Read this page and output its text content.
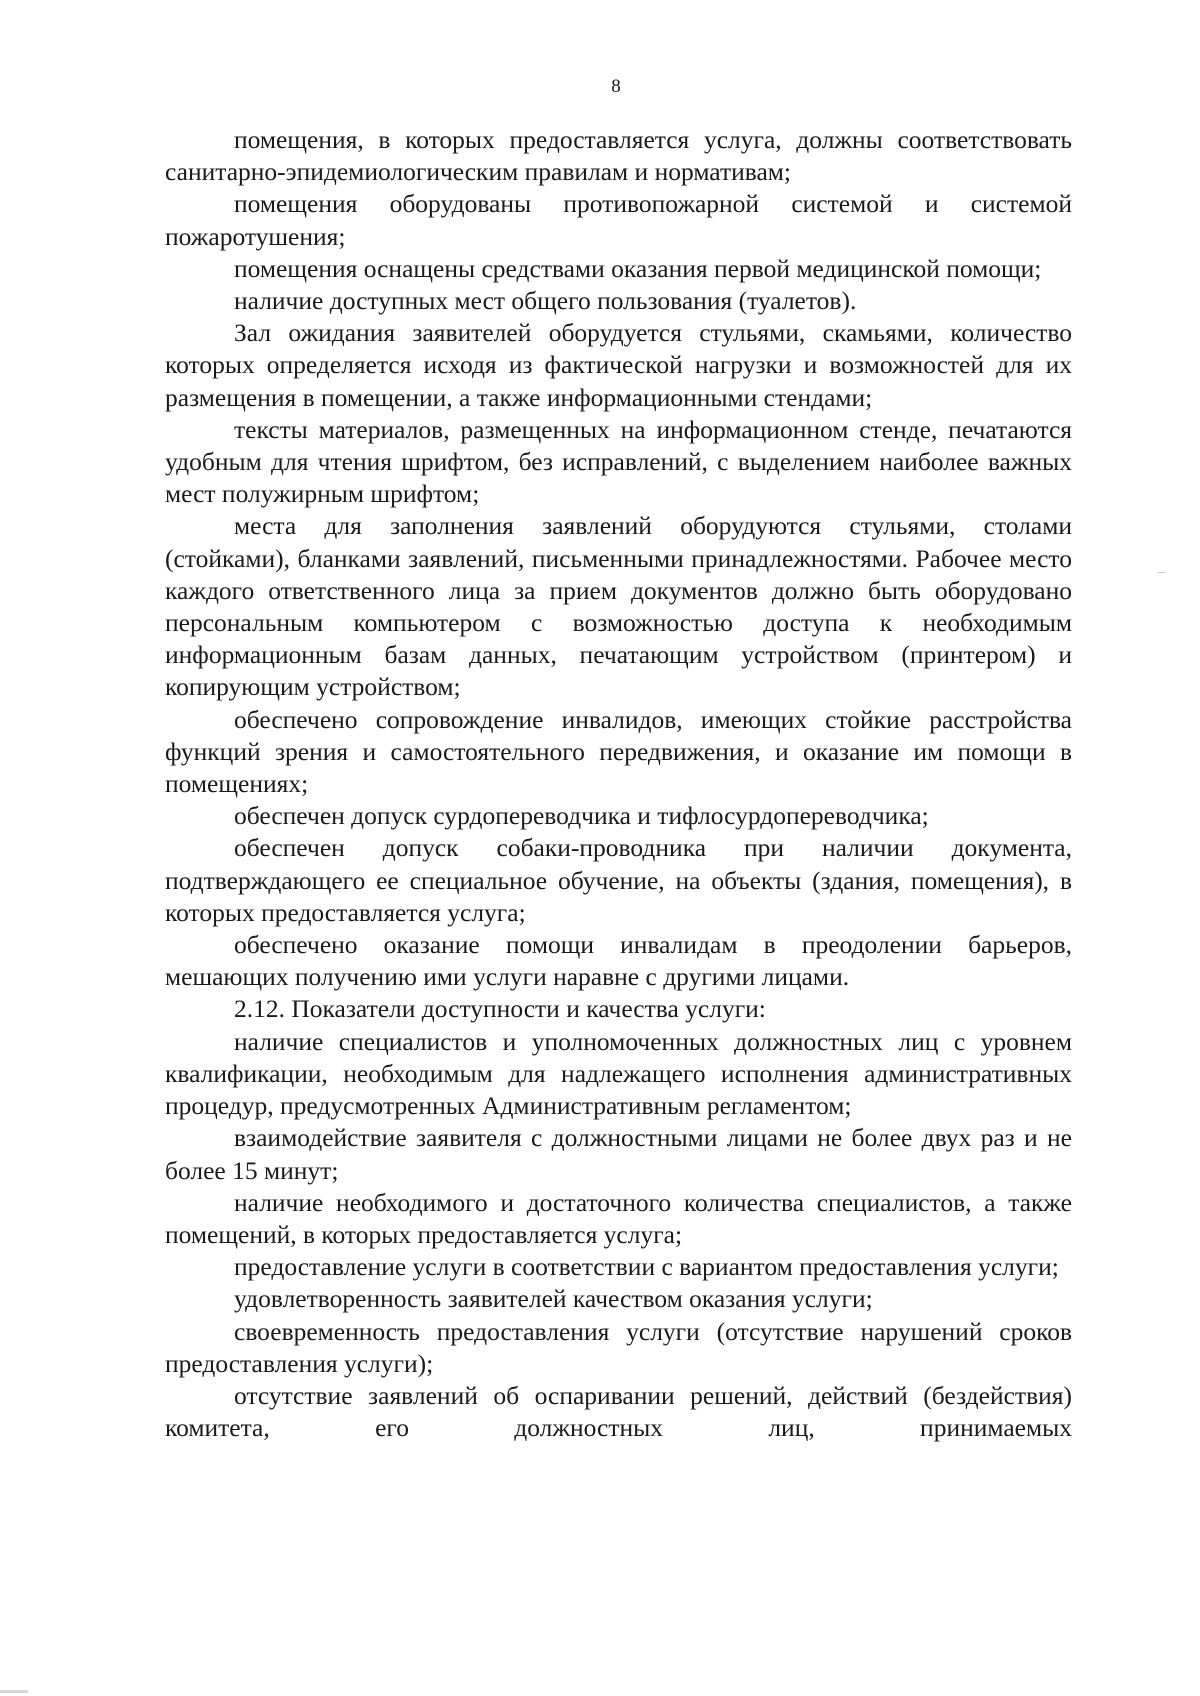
8

помещения, в которых предоставляется услуга, должны соответствовать санитарно-эпидемиологическим правилам и нормативам;

помещения оборудованы противопожарной системой и системой пожаротушения;

помещения оснащены средствами оказания первой медицинской помощи;

наличие доступных мест общего пользования (туалетов).

Зал ожидания заявителей оборудуется стульями, скамьями, количество которых определяется исходя из фактической нагрузки и возможностей для их размещения в помещении, а также информационными стендами;

тексты материалов, размещенных на информационном стенде, печатаются удобным для чтения шрифтом, без исправлений, с выделением наиболее важных мест полужирным шрифтом;

места для заполнения заявлений оборудуются стульями, столами (стойками), бланками заявлений, письменными принадлежностями. Рабочее место каждого ответственного лица за прием документов должно быть оборудовано персональным компьютером с возможностью доступа к необходимым информационным базам данных, печатающим устройством (принтером) и копирующим устройством;

обеспечено сопровождение инвалидов, имеющих стойкие расстройства функций зрения и самостоятельного передвижения, и оказание им помощи в помещениях;

обеспечен допуск сурдопереводчика и тифлосурдопереводчика;

обеспечен допуск собаки-проводника при наличии документа, подтверждающего ее специальное обучение, на объекты (здания, помещения), в которых предоставляется услуга;

обеспечено оказание помощи инвалидам в преодолении барьеров, мешающих получению ими услуги наравне с другими лицами.

2.12. Показатели доступности и качества услуги:

наличие специалистов и уполномоченных должностных лиц с уровнем квалификации, необходимым для надлежащего исполнения административных процедур, предусмотренных Административным регламентом;

взаимодействие заявителя с должностными лицами не более двух раз и не более 15 минут;

наличие необходимого и достаточного количества специалистов, а также помещений, в которых предоставляется услуга;

предоставление услуги в соответствии с вариантом предоставления услуги;

удовлетворенность заявителей качеством оказания услуги;

своевременность предоставления услуги (отсутствие нарушений сроков предоставления услуги);

отсутствие заявлений об оспаривании решений, действий (бездействия) комитета, его должностных лиц, принимаемых
